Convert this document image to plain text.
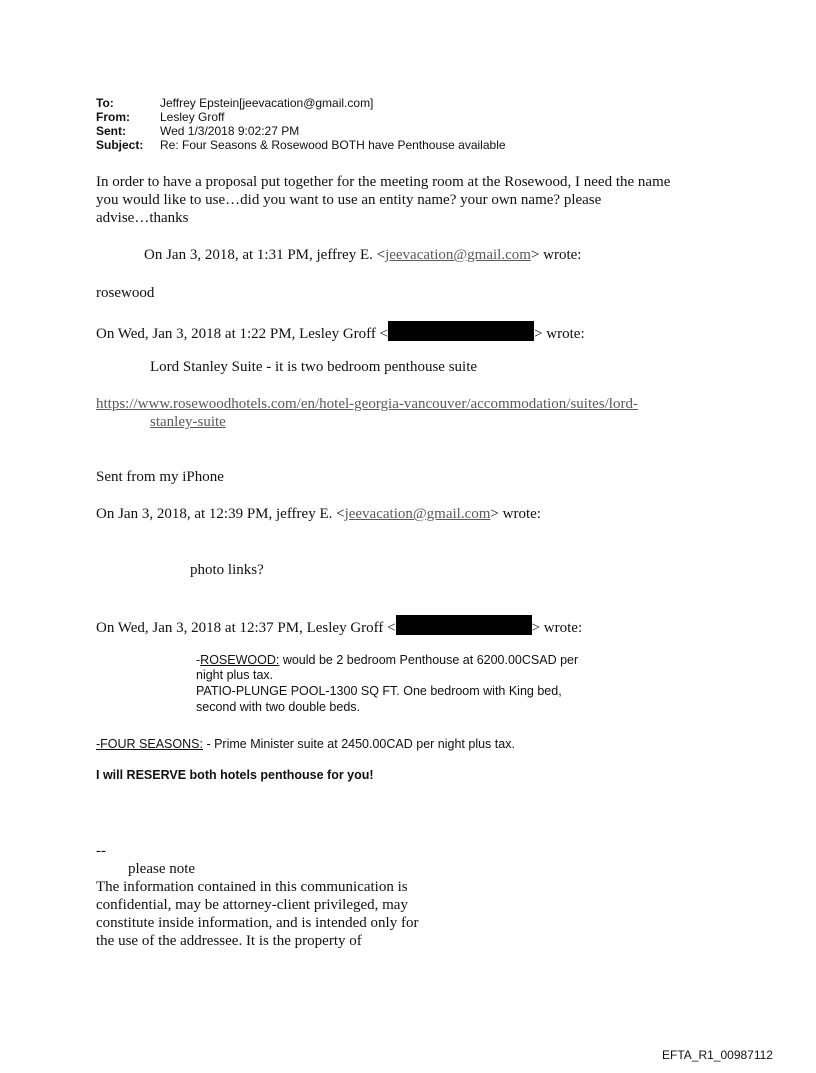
To:	Jeffrey Epstein[jeevacation@gmail.com]
From:	Lesley Groff
Sent:	Wed 1/3/2018 9:02:27 PM
Subject: Re: Four Seasons & Rosewood BOTH have Penthouse available
In order to have a proposal put together for the meeting room at the Rosewood, I need the name
you would like to use…did you want to use an entity name? your own name? please
advise…thanks
On Jan 3, 2018, at 1:31 PM, jeffrey E. <jeevacation@gmail.com> wrote:
rosewood
On Wed, Jan 3, 2018 at 1:22 PM, Lesley Groff <	> wrote:
Lord Stanley Suite - it is two bedroom penthouse suite
https://www.rosewoodhotels.com/en/hotel-georgia-vancouver/accommodation/suites/lord-
stanley-suite
Sent from my iPhone
On Jan 3, 2018, at 12:39 PM, jeffrey E. <jeevacation@gmail.com> wrote:
photo links?
On Wed, Jan 3, 2018 at 12:37 PM, Lesley Groff <	> wrote:
-ROSEWOOD: would be 2 bedroom Penthouse at 6200.00CSAD per
night plus tax.
PATIO-PLUNGE POOL-1300 SQ FT. One bedroom with King bed,
second with two double beds.
-FOUR SEASONS: - Prime Minister suite at 2450.00CAD per night plus tax.
I will RESERVE both hotels penthouse for you!
--
please note
The information contained in this communication is
confidential, may be attorney-client privileged, may
constitute inside information, and is intended only for
the use of the addressee. It is the property of
EFTA_R1_00987112
